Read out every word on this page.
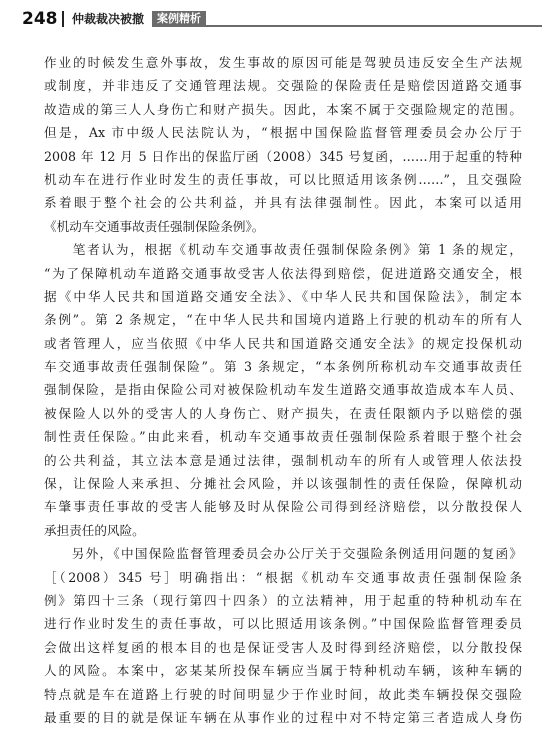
248 仲裁裁决被撤	案例精析
作业的时候发生意外事故，发生事故的原因可能是驾驶员违反安全生产法规
或制度，并非违反了交通管理法规。交强险的保险责任是赔偿因道路交通事
故造成的第三人人身伤亡和财产损失。因此，本案不属于交强险规定的范围。
但是，Ax 市中级人民法院认为，“根据中国保险监督管理委员会办公厅于
2008 年 12 月 5 日作出的保监厅函（2008）345 号复函，……用于起重的特种
机动车在进行作业时发生的责任事故，可以比照适用该条例……”，且交强险
系着眼于整个社会的公共利益，并具有法律强制性。因此，本案可以适用
《机动车交通事故责任强制保险条例》。
　　笔者认为，根据《机动车交通事故责任强制保险条例》第 1 条的规定，
“为了保障机动车道路交通事故受害人依法得到赔偿，促进道路交通安全，根
据《中华人民共和国道路交通安全法》、《中华人民共和国保险法》，制定本
条例”。第 2 条规定，“在中华人民共和国境内道路上行驶的机动车的所有人
或者管理人，应当依照《中华人民共和国道路交通安全法》的规定投保机动
车交通事故责任强制保险”。第 3 条规定，“本条例所称机动车交通事故责任
强制保险，是指由保险公司对被保险机动车发生道路交通事故造成本车人员、
被保险人以外的受害人的人身伤亡、财产损失，在责任限额内予以赔偿的强
制性责任保险。”由此来看，机动车交通事故责任强制保险系着眼于整个社会
的公共利益，其立法本意是通过法律，强制机动车的所有人或管理人依法投
保，让保险人来承担、分摊社会风险，并以该强制性的责任保险，保障机动
车肇事责任事故的受害人能够及时从保险公司得到经济赔偿，以分散投保人
承担责任的风险。
　　另外，《中国保险监督管理委员会办公厅关于交强险条例适用问题的复函》
［（2008）345 号］明确指出：“根据《机动车交通事故责任强制保险条
例》第四十三条（现行第四十四条）的立法精神，用于起重的特种机动车在
进行作业时发生的责任事故，可以比照适用该条例。”中国保险监督管理委员
会做出这样复函的根本目的也是保证受害人及时得到经济赔偿，以分散投保
人的风险。本案中，宓某某所投保车辆应当属于特种机动车辆，该种车辆的
特点就是车在道路上行驶的时间明显少于作业时间，故此类车辆投保交强险
最重要的目的就是保证车辆在从事作业的过程中对不特定第三者造成人身伤
